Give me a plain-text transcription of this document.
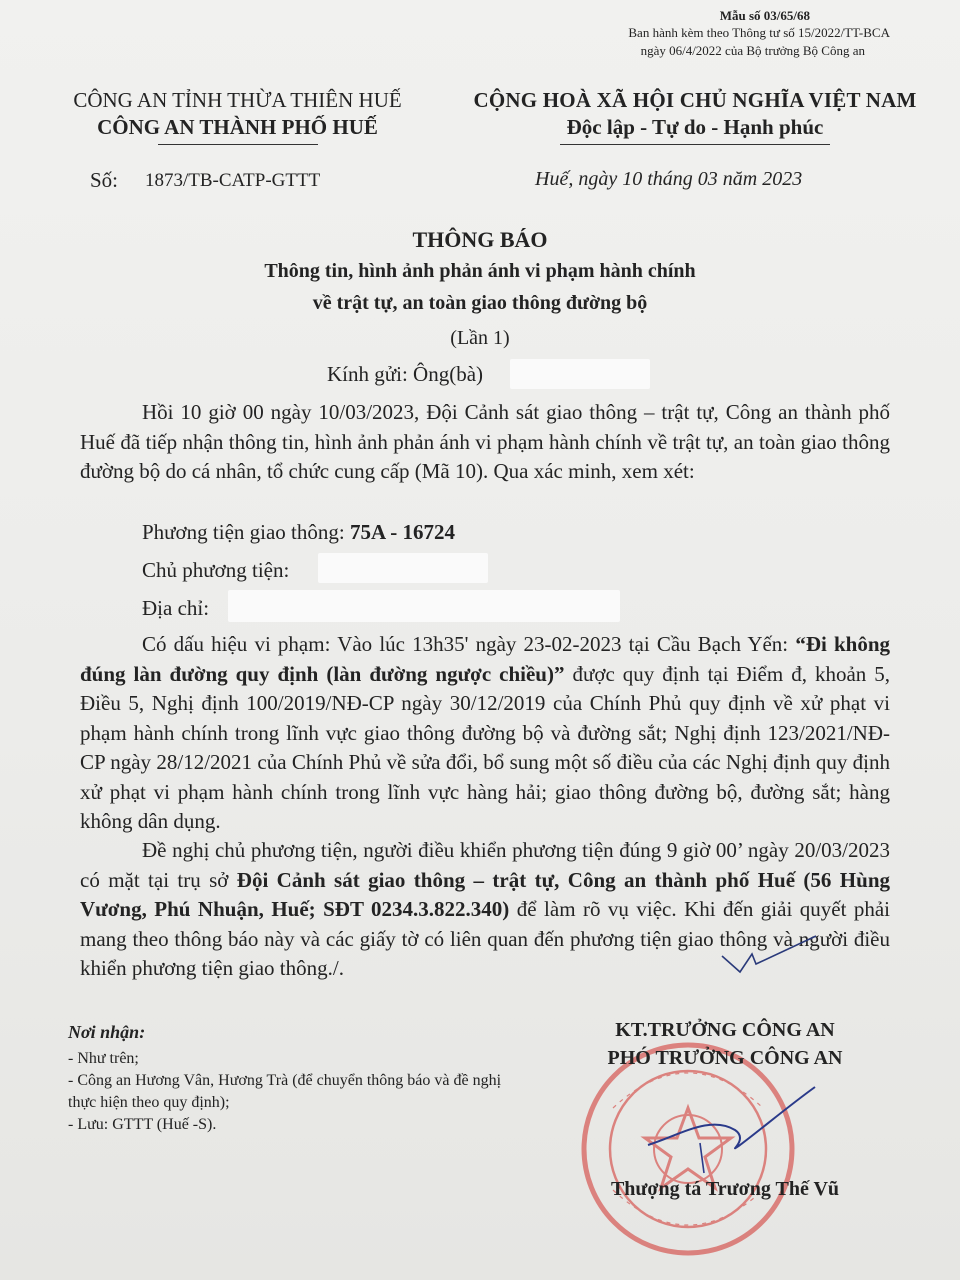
Mẫu số 03/65/68
Ban hành kèm theo Thông tư số 15/2022/TT-BCA
ngày 06/4/2022 của Bộ trưởng Bộ Công an
CÔNG AN TỈNH THỪA THIÊN HUẾ
CÔNG AN THÀNH PHỐ HUẾ
CỘNG HOÀ XÃ HỘI CHỦ NGHĨA VIỆT NAM
Độc lập - Tự do - Hạnh phúc
Số: 1873/TB-CATP-GTTT	Huế, ngày 10 tháng 03 năm 2023
THÔNG BÁO
Thông tin, hình ảnh phản ánh vi phạm hành chính
về trật tự, an toàn giao thông đường bộ
(Lần 1)
Kính gửi: Ông(bà)
Hồi 10 giờ 00 ngày 10/03/2023, Đội Cảnh sát giao thông – trật tự, Công an thành phố Huế đã tiếp nhận thông tin, hình ảnh phản ánh vi phạm hành chính về trật tự, an toàn giao thông đường bộ do cá nhân, tổ chức cung cấp (Mã 10). Qua xác minh, xem xét:
Phương tiện giao thông: 75A - 16724
Chủ phương tiện:
Địa chỉ:
Có dấu hiệu vi phạm: Vào lúc 13h35' ngày 23-02-2023 tại Cầu Bạch Yến: “Đi không đúng làn đường quy định (làn đường ngược chiều)” được quy định tại Điểm đ, khoản 5, Điều 5, Nghị định 100/2019/NĐ-CP ngày 30/12/2019 của Chính Phủ quy định về xử phạt vi phạm hành chính trong lĩnh vực giao thông đường bộ và đường sắt; Nghị định 123/2021/NĐ-CP ngày 28/12/2021 của Chính Phủ về sửa đổi, bổ sung một số điều của các Nghị định quy định xử phạt vi phạm hành chính trong lĩnh vực hàng hải; giao thông đường bộ, đường sắt; hàng không dân dụng.
Đề nghị chủ phương tiện, người điều khiển phương tiện đúng 9 giờ 00’ ngày 20/03/2023 có mặt tại trụ sở Đội Cảnh sát giao thông – trật tự, Công an thành phố Huế (56 Hùng Vương, Phú Nhuận, Huế; SĐT 0234.3.822.340) để làm rõ vụ việc. Khi đến giải quyết phải mang theo thông báo này và các giấy tờ có liên quan đến phương tiện giao thông và người điều khiển phương tiện giao thông./.
Nơi nhận:
- Như trên;
- Công an Hương Vân, Hương Trà (để chuyển thông báo và đề nghị thực hiện theo quy định);
- Lưu: GTTT (Huế -S).
KT.TRƯỞNG CÔNG AN
PHÓ TRƯỞNG CÔNG AN
Thượng tá Trương Thế Vũ
